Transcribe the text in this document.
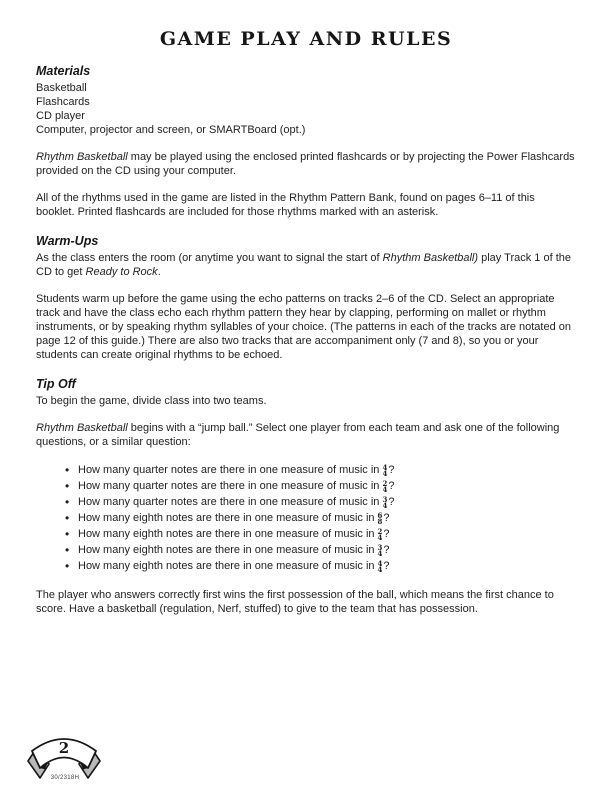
GAME PLAY AND RULES
Materials
Basketball
Flashcards
CD player
Computer, projector and screen, or SMARTBoard (opt.)

Rhythm Basketball may be played using the enclosed printed flashcards or by projecting the Power Flashcards provided on the CD using your computer.

All of the rhythms used in the game are listed in the Rhythm Pattern Bank, found on pages 6–11 of this booklet. Printed flashcards are included for those rhythms marked with an asterisk.

Warm-Ups

As the class enters the room (or anytime you want to signal the start of Rhythm Basketball) play Track 1 of the CD to get Ready to Rock.

Students warm up before the game using the echo patterns on tracks 2–6 of the CD. Select an appropriate track and have the class echo each rhythm pattern they hear by clapping, performing on mallet or rhythm instruments, or by speaking rhythm syllables of your choice. (The patterns in each of the tracks are notated on page 12 of this guide.) There are also two tracks that are accompaniment only (7 and 8), so you or your students can create original rhythms to be echoed.

Tip Off

To begin the game, divide class into two teams.

Rhythm Basketball begins with a “jump ball.” Select one player from each team and ask one of the following questions, or a similar question:

• How many quarter notes are there in one measure of music in 4
4 ?
• How many quarter notes are there in one measure of music in 2
4 ?
• How many quarter notes are there in one measure of music in 3
4 ?
• How many eighth notes are there in one measure of music in 6
8 ?
• How many eighth notes are there in one measure of music in 2
4 ?
• How many eighth notes are there in one measure of music in 3
4 ?
• How many eighth notes are there in one measure of music in 4
4 ?

The player who answers correctly first wins the first possession of the ball, which means the first chance to score. Have a basketball (regulation, Nerf, stuffed) to give to the team that has possession.

2
30/2318H
